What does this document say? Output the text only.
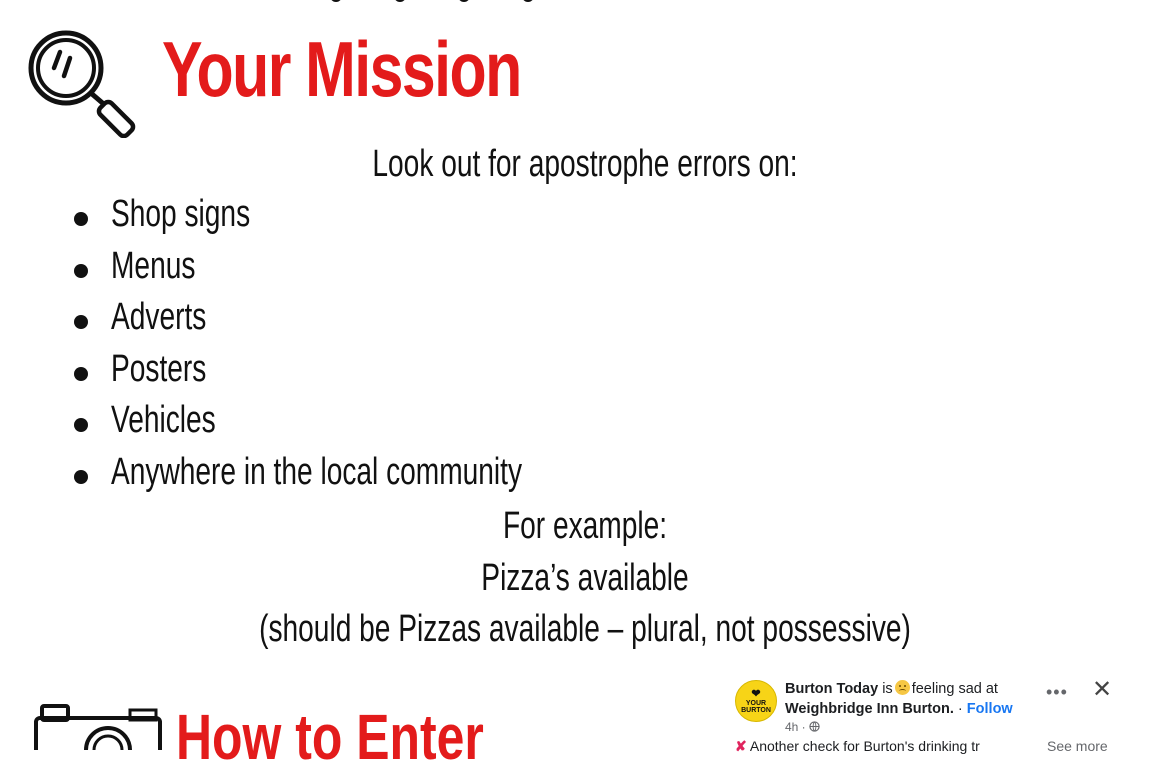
Your Mission

Look out for apostrophe errors on:

Shop signs
Menus
Adverts
Posters
Vehicles
Anywhere in the local community

For example:

Pizza’s available

(should be Pizzas available – plural, not possessive)

How to Enter
❤
YOUR BURTON
Burton Today is feeling sad at
Weighbridge Inn Burton. · Follow
4h ·
••• ✕
✘ Another check for Burton's drinking tr	See more
